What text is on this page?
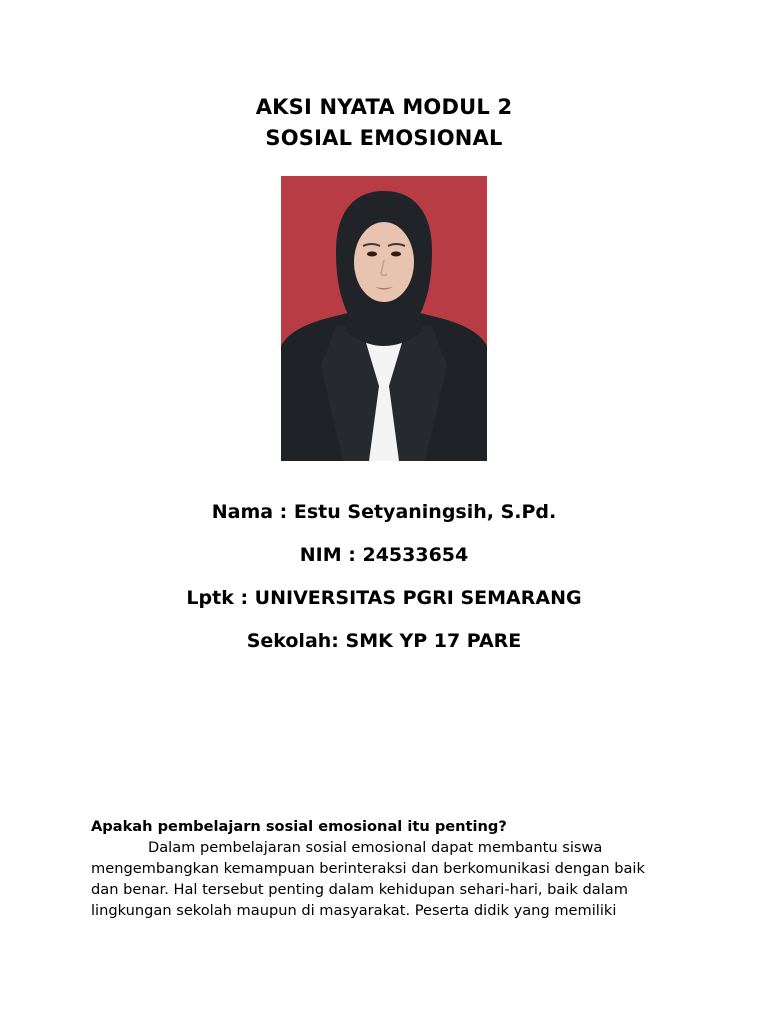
AKSI NYATA MODUL 2
SOSIAL EMOSIONAL
Nama : Estu Setyaningsih, S.Pd.
NIM : 24533654
Lptk : UNIVERSITAS PGRI SEMARANG
Sekolah: SMK YP 17 PARE
Apakah pembelajarn sosial emosional itu penting?
Dalam pembelajaran sosial emosional dapat membantu siswa
mengembangkan kemampuan berinteraksi dan berkomunikasi dengan baik
dan benar. Hal tersebut penting dalam kehidupan sehari-hari, baik dalam
lingkungan sekolah maupun di masyarakat. Peserta didik yang memiliki
